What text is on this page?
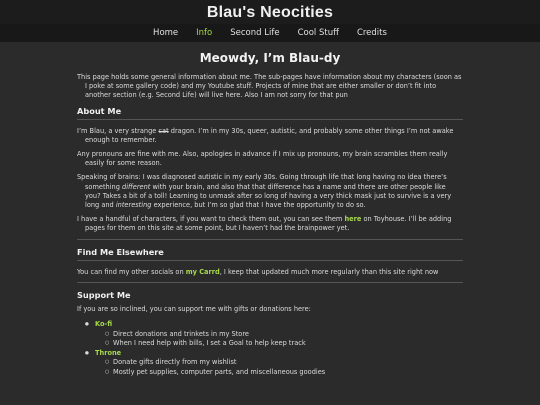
Blau's Neocities
Home	Info	Second Life	Cool Stuff	Credits
Meowdy, I’m Blau-dy

This page holds some general information about me. The sub-pages have information about my characters (soon as I poke at some gallery code) and my Youtube stuff. Projects of mine that are either smaller or don’t fit into another section (e.g. Second Life) will live here. Also I am not sorry for that pun

About Me

I’m Blau, a very strange cat dragon. I’m in my 30s, queer, autistic, and probably some other things I’m not awake enough to remember.

Any pronouns are fine with me. Also, apologies in advance if I mix up pronouns, my brain scrambles them really easily for some reason.

Speaking of brains: I was diagnosed autistic in my early 30s. Going through life that long having no idea there’s something different with your brain, and also that that difference has a name and there are other people like you? Takes a bit of a toll! Learning to unmask after so long of having a very thick mask just to survive is a very long and interesting experience, but I’m so glad that I have the opportunity to do so.

I have a handful of characters, if you want to check them out, you can see them here on Toyhouse. I’ll be adding pages for them on this site at some point, but I haven’t had the brainpower yet.

Find Me Elsewhere

You can find my other socials on my Carrd, I keep that updated much more regularly than this site right now

Support Me

If you are so inclined, you can support me with gifts or donations here:

● Ko-fi
○ Direct donations and trinkets in my Store
○ When I need help with bills, I set a Goal to help keep track
● Throne
○ Donate gifts directly from my wishlist
○ Mostly pet supplies, computer parts, and miscellaneous goodies
